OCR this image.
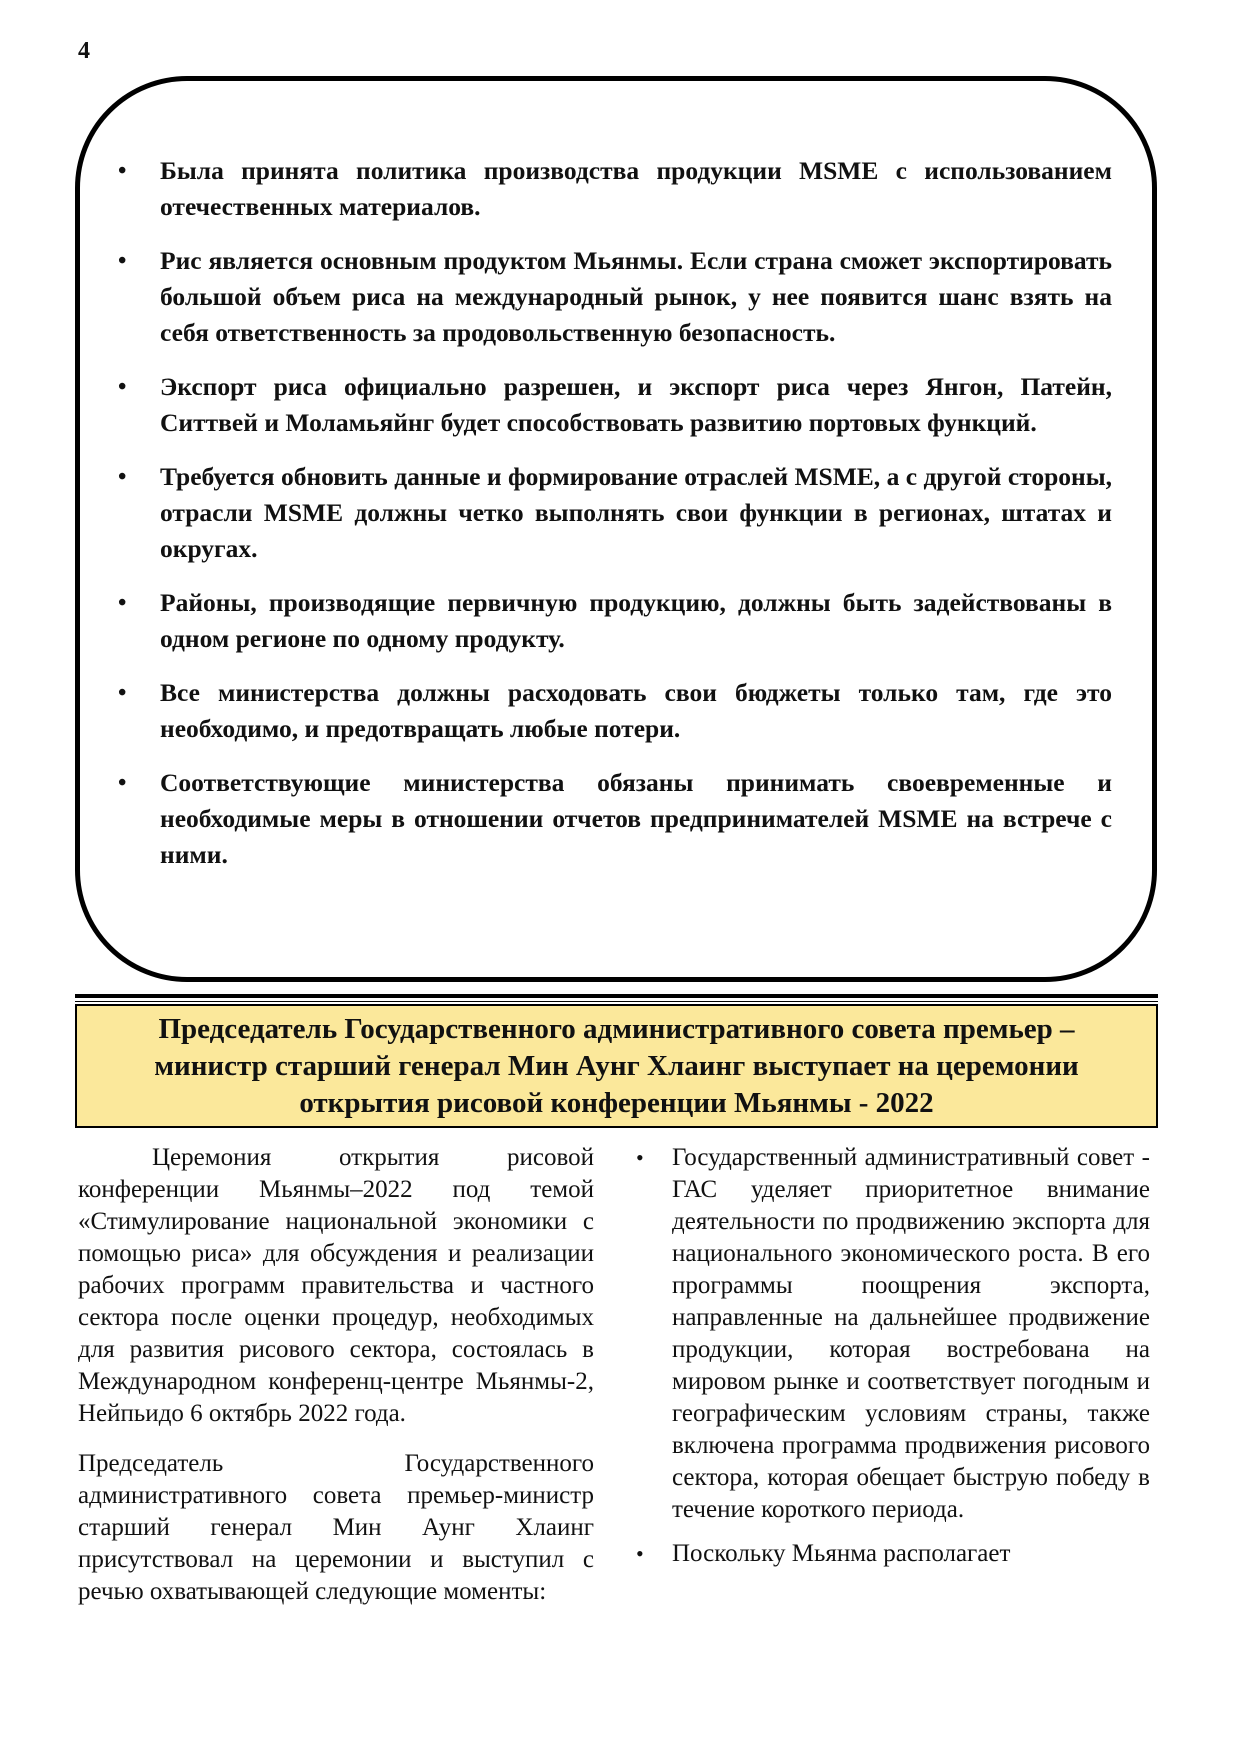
4
• Была принята политика производства продукции MSME с использованием отечественных материалов.
• Рис является основным продуктом Мьянмы. Если страна сможет экспортировать большой объем риса на международный рынок, у нее появится шанс взять на себя ответственность за продовольственную безопасность.
• Экспорт риса официально разрешен, и экспорт риса через Янгон, Патейн, Ситтвей и Моламьяйнг будет способствовать развитию портовых функций.
• Требуется обновить данные и формирование отраслей MSME, а с другой стороны, отрасли MSME должны четко выполнять свои функции в регионах, штатах и округах.
• Районы, производящие первичную продукцию, должны быть задействованы в одном регионе по одному продукту.
• Все министерства должны расходовать свои бюджеты только там, где это необходимо, и предотвращать любые потери.
• Соответствующие министерства обязаны принимать своевременные и необходимые меры в отношении отчетов предпринимателей MSME на встрече с ними.
Председатель Государственного административного совета премьер – министр старший генерал Мин Аунг Хлаинг выступает на церемонии открытия рисовой конференции Мьянмы - 2022

Церемония открытия рисовой конференции Мьянмы–2022 под темой «Стимулирование национальной экономики с помощью риса» для обсуждения и реализации рабочих программ правительства и частного сектора после оценки процедур, необходимых для развития рисового сектора, состоялась в Международном конференц-центре Мьянмы-2, Нейпьидо 6 октябрь 2022 года.

Председатель Государственного административного совета премьер-министр старший генерал Мин Аунг Хлаинг присутствовал на церемонии и выступил с речью охватывающей следующие моменты:

• Государственный административный совет - ГАС уделяет приоритетное внимание деятельности по продвижению экспорта для национального экономического роста. В его программы поощрения экспорта, направленные на дальнейшее продвижение продукции, которая востребована на мировом рынке и соответствует погодным и географическим условиям страны, также включена программа продвижения рисового сектора, которая обещает быструю победу в течение короткого периода.
• Поскольку Мьянма располагает
